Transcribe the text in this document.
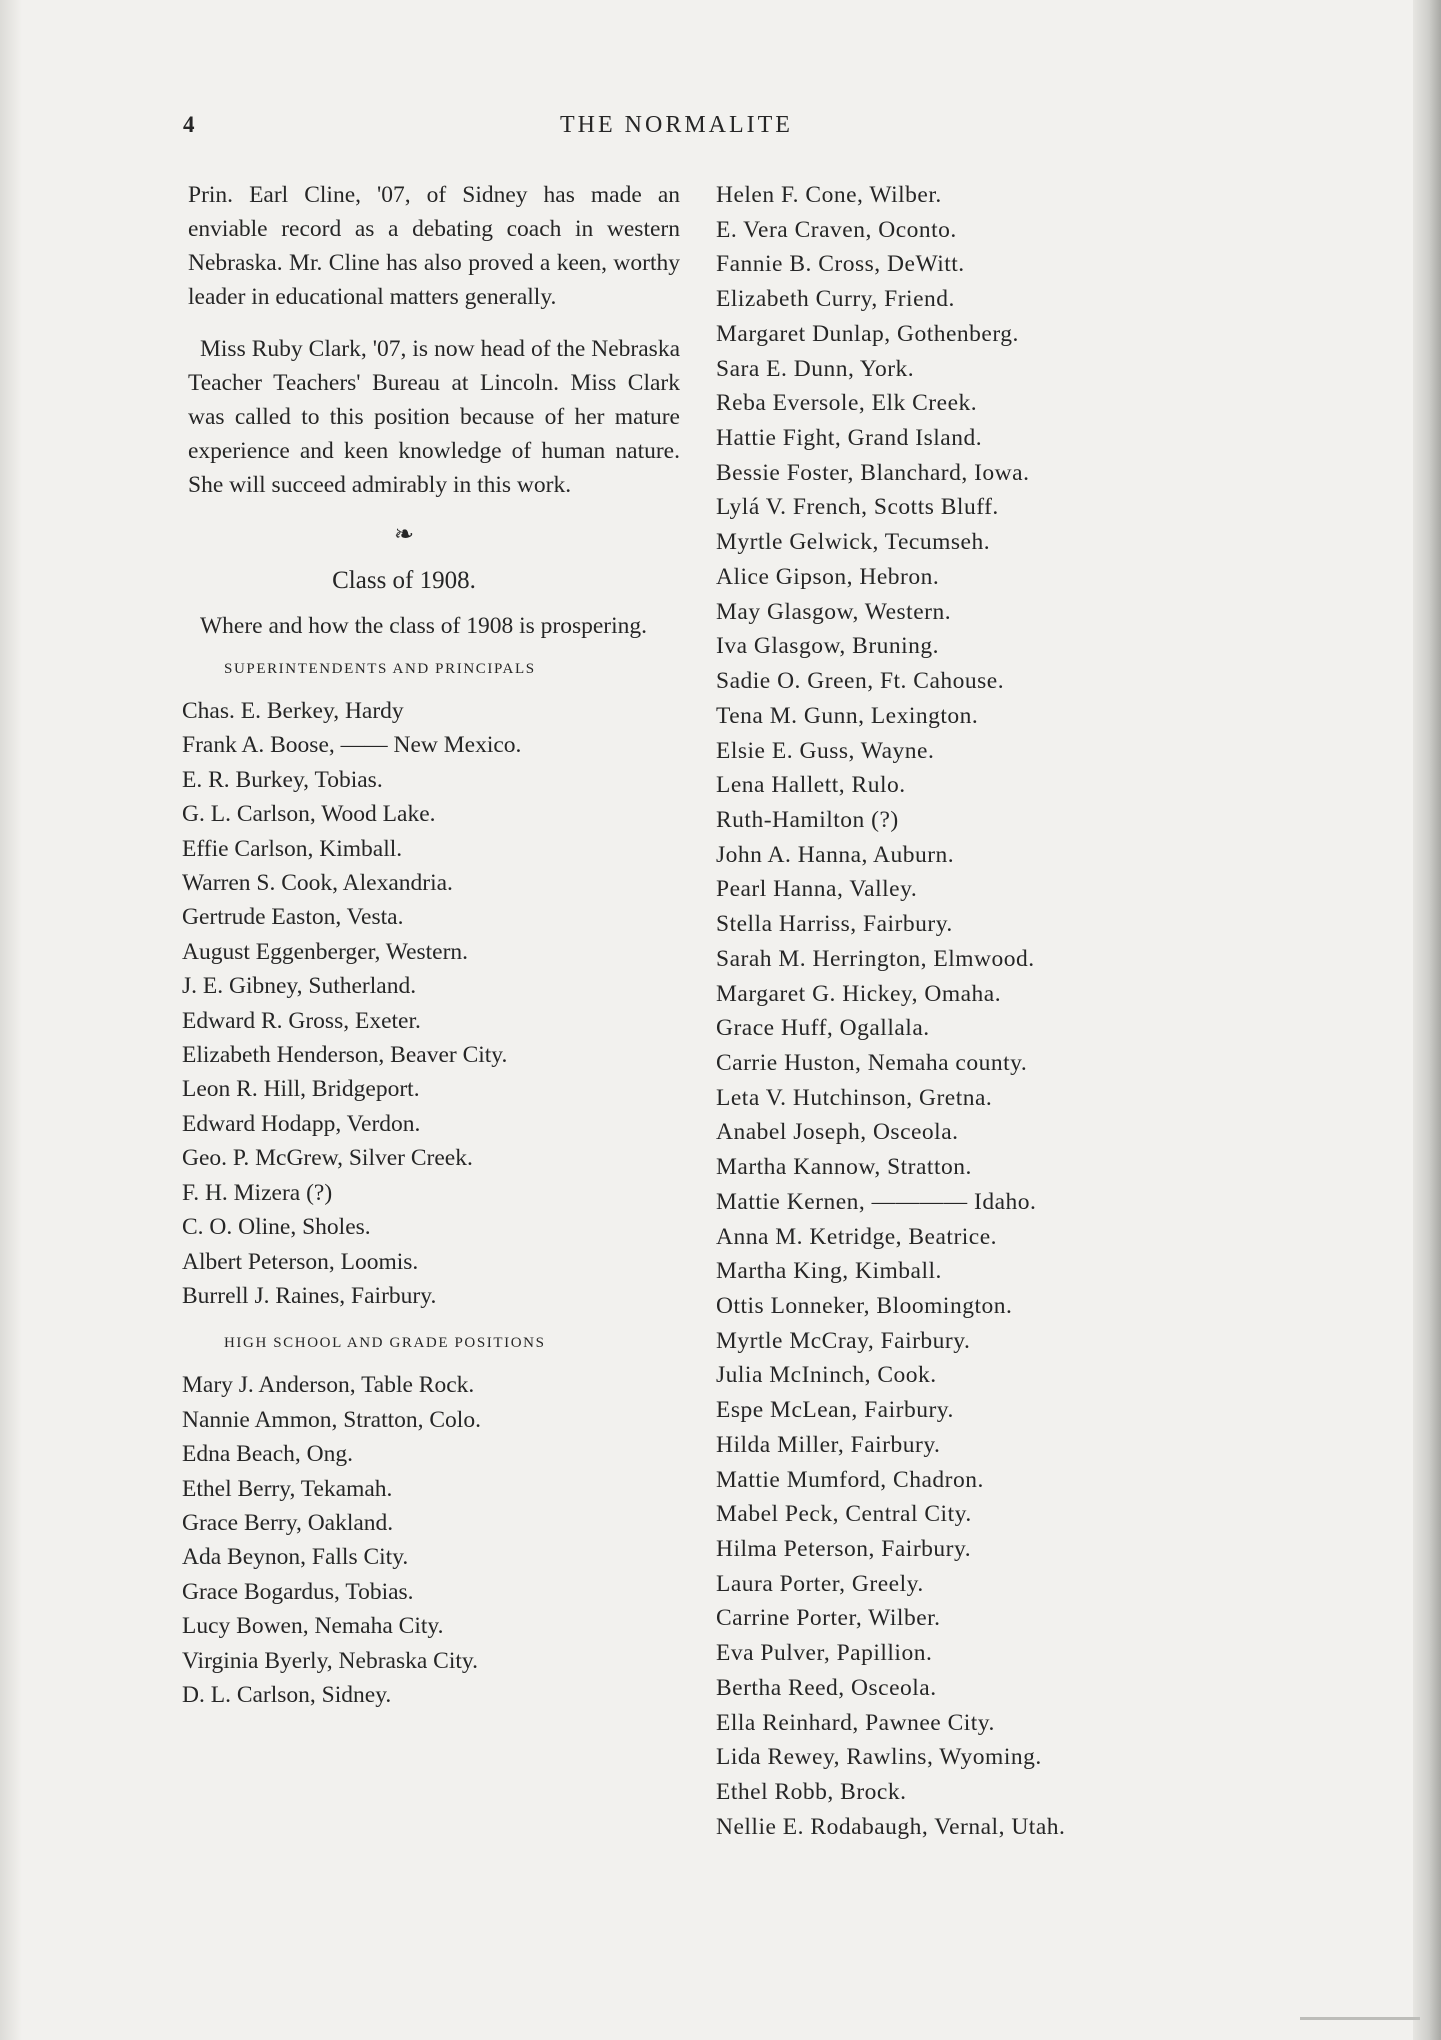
4	THE NORMALITE

Prin. Earl Cline, '07, of Sidney has made an enviable record as a debating coach in western Nebraska. Mr. Cline has also proved a keen, worthy leader in educational matters generally.

Miss Ruby Clark, '07, is now head of the Nebraska Teacher Teachers' Bureau at Lincoln. Miss Clark was called to this position because of her mature experience and keen knowledge of human nature. She will succeed admirably in this work.

❧
Class of 1908.

Where and how the class of 1908 is prospering.

SUPERINTENDENTS AND PRINCIPALS
Chas. E. Berkey, Hardy
Frank A. Boose, —— New Mexico.
E. R. Burkey, Tobias.
G. L. Carlson, Wood Lake.
Effie Carlson, Kimball.
Warren S. Cook, Alexandria.
Gertrude Easton, Vesta.
August Eggenberger, Western.
J. E. Gibney, Sutherland.
Edward R. Gross, Exeter.
Elizabeth Henderson, Beaver City.
Leon R. Hill, Bridgeport.
Edward Hodapp, Verdon.
Geo. P. McGrew, Silver Creek.
F. H. Mizera (?)
C. O. Oline, Sholes.
Albert Peterson, Loomis.
Burrell J. Raines, Fairbury.
HIGH SCHOOL AND GRADE POSITIONS
Mary J. Anderson, Table Rock.
Nannie Ammon, Stratton, Colo.
Edna Beach, Ong.
Ethel Berry, Tekamah.
Grace Berry, Oakland.
Ada Beynon, Falls City.
Grace Bogardus, Tobias.
Lucy Bowen, Nemaha City.
Virginia Byerly, Nebraska City.
D. L. Carlson, Sidney.
Helen F. Cone, Wilber.
E. Vera Craven, Oconto.
Fannie B. Cross, DeWitt.
Elizabeth Curry, Friend.
Margaret Dunlap, Gothenberg.
Sara E. Dunn, York.
Reba Eversole, Elk Creek.
Hattie Fight, Grand Island.
Bessie Foster, Blanchard, Iowa.
Lylá V. French, Scotts Bluff.
Myrtle Gelwick, Tecumseh.
Alice Gipson, Hebron.
May Glasgow, Western.
Iva Glasgow, Bruning.
Sadie O. Green, Ft. Cahouse.
Tena M. Gunn, Lexington.
Elsie E. Guss, Wayne.
Lena Hallett, Rulo.
Ruth-Hamilton (?)
John A. Hanna, Auburn.
Pearl Hanna, Valley.
Stella Harriss, Fairbury.
Sarah M. Herrington, Elmwood.
Margaret G. Hickey, Omaha.
Grace Huff, Ogallala.
Carrie Huston, Nemaha county.
Leta V. Hutchinson, Gretna.
Anabel Joseph, Osceola.
Martha Kannow, Stratton.
Mattie Kernen, ———— Idaho.
Anna M. Ketridge, Beatrice.
Martha King, Kimball.
Ottis Lonneker, Bloomington.
Myrtle McCray, Fairbury.
Julia McIninch, Cook.
Espe McLean, Fairbury.
Hilda Miller, Fairbury.
Mattie Mumford, Chadron.
Mabel Peck, Central City.
Hilma Peterson, Fairbury.
Laura Porter, Greely.
Carrine Porter, Wilber.
Eva Pulver, Papillion.
Bertha Reed, Osceola.
Ella Reinhard, Pawnee City.
Lida Rewey, Rawlins, Wyoming.
Ethel Robb, Brock.
Nellie E. Rodabaugh, Vernal, Utah.
